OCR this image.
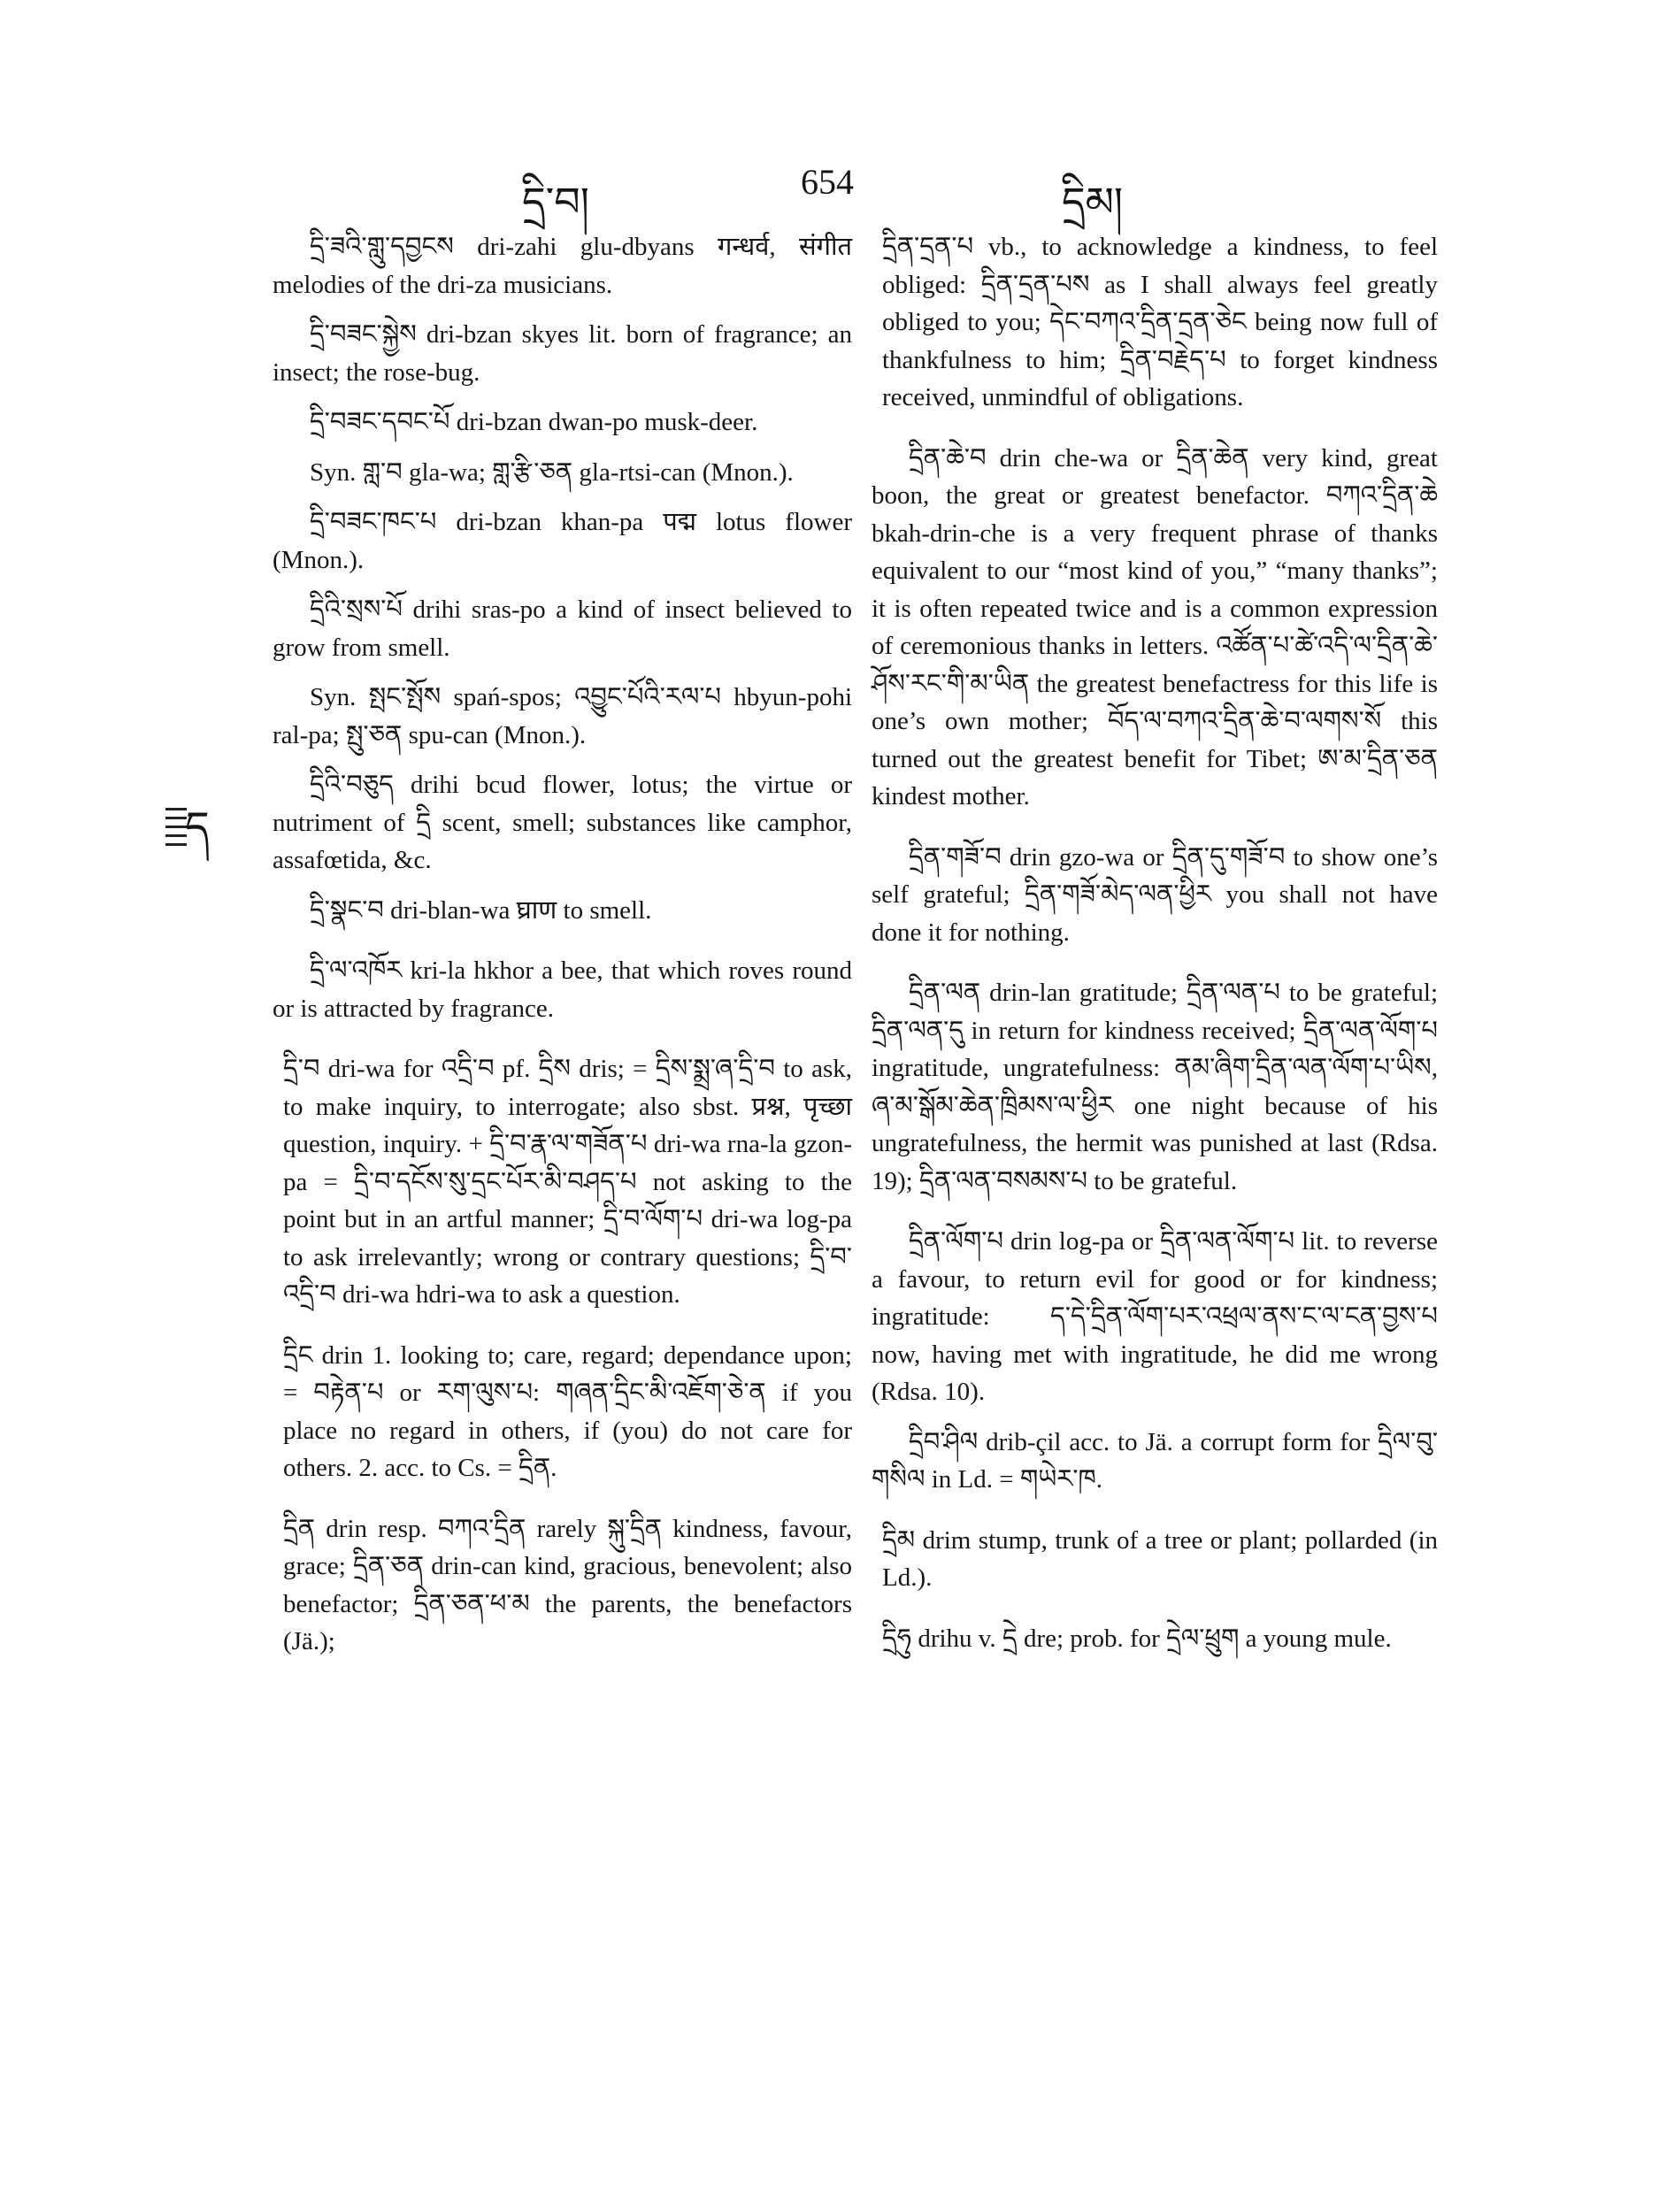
དྲི་བ།	654	དྲིམ།
ད

དྲི་ཟའི་གླུ་དབྱངས dri-zahi glu-dbyans गन्धर्व, संगीत melodies of the dri-za musicians.

དྲི་བཟང་སྐྱེས dri-bzan skyes lit. born of fragrance; an insect; the rose-bug.

དྲི་བཟང་དབང་པོ dri-bzan dwan-po musk-deer.

Syn. གླ་བ gla-wa; གླ་རྩི་ཅན gla-rtsi-can (Mnon.).

དྲི་བཟང་ཁང་པ dri-bzan khan-pa पद्म lotus flower (Mnon.).

དྲིའི་སྲས་པོ drihi sras-po a kind of insect believed to grow from smell.

Syn. སྤང་སྤོས spań-spos; འབྱུང་པོའི་རལ་པ hbyun-pohi ral-pa; སྤུ་ཅན spu-can (Mnon.).

དྲིའི་བཅུད drihi bcud flower, lotus; the virtue or nutriment of དྲི scent, smell; substances like camphor, assafœtida, &c.

དྲི་སྣང་བ dri-blan-wa घ्राण to smell.

དྲི་ལ་འཁོར kri-la hkhor a bee, that which roves round or is attracted by fragrance.

དྲི་བ dri-wa for འདྲི་བ pf. དྲིས dris; = དྲིས་སྨྲ་ཞ་དྲི་བ to ask, to make inquiry, to interrogate; also sbst. प्रश्न, पृच्छा question, inquiry. + དྲི་བ་རྣ་ལ་གཟོན་པ dri-wa rna-la gzon-pa = དྲི་བ་དངོས་སུ་དྲང་པོར་མི་བཤད་པ not asking to the point but in an artful manner; དྲི་བ་ལོག་པ dri-wa log-pa to ask irrelevantly; wrong or contrary questions; དྲི་བ་འདྲི་བ dri-wa hdri-wa to ask a question.

དྲིང drin 1. looking to; care, regard; dependance upon; = བརྟེན་པ or རག་ལུས་པ: གཞན་དྲིང་མི་འཇོག་ཅེ་ན if you place no regard in others, if (you) do not care for others. 2. acc. to Cs. = དྲིན.

དྲིན drin resp. བཀའ་དྲིན rarely སྐུ་དྲིན kindness, favour, grace; དྲིན་ཅན drin-can kind, gracious, benevolent; also benefactor; དྲིན་ཅན་ཕ་མ the parents, the benefactors (Jä.);

དྲིན་དྲན་པ vb., to acknowledge a kindness, to feel obliged: དྲིན་དྲན་པས as I shall always feel greatly obliged to you; དེང་བཀའ་དྲིན་དྲན་ཅེང being now full of thankfulness to him; དྲིན་བརྗེད་པ to forget kindness received, unmindful of obligations.

དྲིན་ཆེ་བ drin che-wa or དྲིན་ཆེན very kind, great boon, the great or greatest benefactor. བཀའ་དྲིན་ཆེ bkah-drin-che is a very frequent phrase of thanks equivalent to our “most kind of you,” “many thanks”; it is often repeated twice and is a common expression of ceremonious thanks in letters. འཚོན་པ་ཚེ་འདི་ལ་དྲིན་ཆེ་ཤོས་རང་གི་མ་ཡིན the greatest benefactress for this life is one’s own mother; བོད་ལ་བཀའ་དྲིན་ཆེ་བ་ལགས་སོ this turned out the greatest benefit for Tibet; ཨ་མ་དྲིན་ཅན kindest mother.

དྲིན་གཟོ་བ drin gzo-wa or དྲིན་དུ་གཟོ་བ to show one’s self grateful; དྲིན་གཟོ་མེད་ལན་ཕྱིར you shall not have done it for nothing.

དྲིན་ལན drin-lan gratitude; དྲིན་ལན་པ to be grateful; དྲིན་ལན་དུ in return for kindness received; དྲིན་ལན་ལོག་པ ingratitude, ungratefulness: ནམ་ཞིག་དྲིན་ལན་ལོག་པ་ཡིས, ཞ་མ་སྒོམ་ཆེན་ཁྲིམས་ལ་ཕྱིར one night because of his ungratefulness, the hermit was punished at last (Rdsa. 19); དྲིན་ལན་བསམས་པ to be grateful.

དྲིན་ལོག་པ drin log-pa or དྲིན་ལན་ལོག་པ lit. to reverse a favour, to return evil for good or for kindness; ingratitude: ད་དེ་དྲིན་ལོག་པར་འཕྲལ་ནས་ང་ལ་ངན་བྱས་པ now, having met with ingratitude, he did me wrong (Rdsa. 10).

དྲིབ་ཤིལ drib-çil acc. to Jä. a corrupt form for དྲིལ་བུ་གསིལ in Ld. = གཡེར་ཁ.

དྲིམ drim stump, trunk of a tree or plant; pollarded (in Ld.).

དྲིཧུ drihu v. དྲེ dre; prob. for དྲེལ་ཕྲུག a young mule.
